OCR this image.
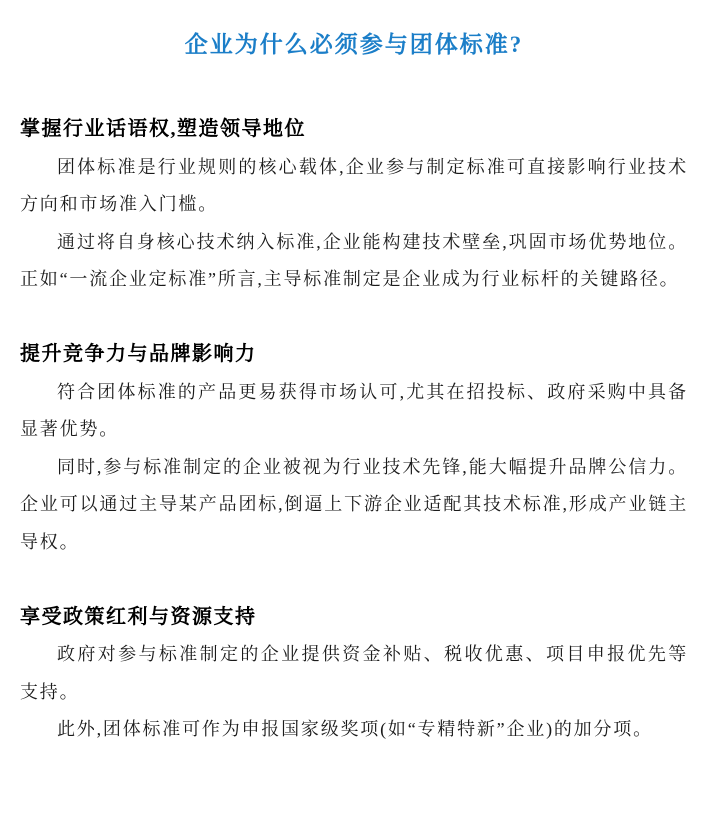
企业为什么必须参与团体标准?
掌握行业话语权,塑造领导地位

团体标准是行业规则的核心载体,企业参与制定标准可直接影响行业技术方向和市场准入门槛。

通过将自身核心技术纳入标准,企业能构建技术壁垒,巩固市场优势地位。正如“一流企业定标准”所言,主导标准制定是企业成为行业标杆的关键路径。

提升竞争力与品牌影响力

符合团体标准的产品更易获得市场认可,尤其在招投标、政府采购中具备显著优势。

同时,参与标准制定的企业被视为行业技术先锋,能大幅提升品牌公信力。企业可以通过主导某产品团标,倒逼上下游企业适配其技术标准,形成产业链主导权。

享受政策红利与资源支持

政府对参与标准制定的企业提供资金补贴、税收优惠、项目申报优先等支持。

此外,团体标准可作为申报国家级奖项(如“专精特新”企业)的加分项。
